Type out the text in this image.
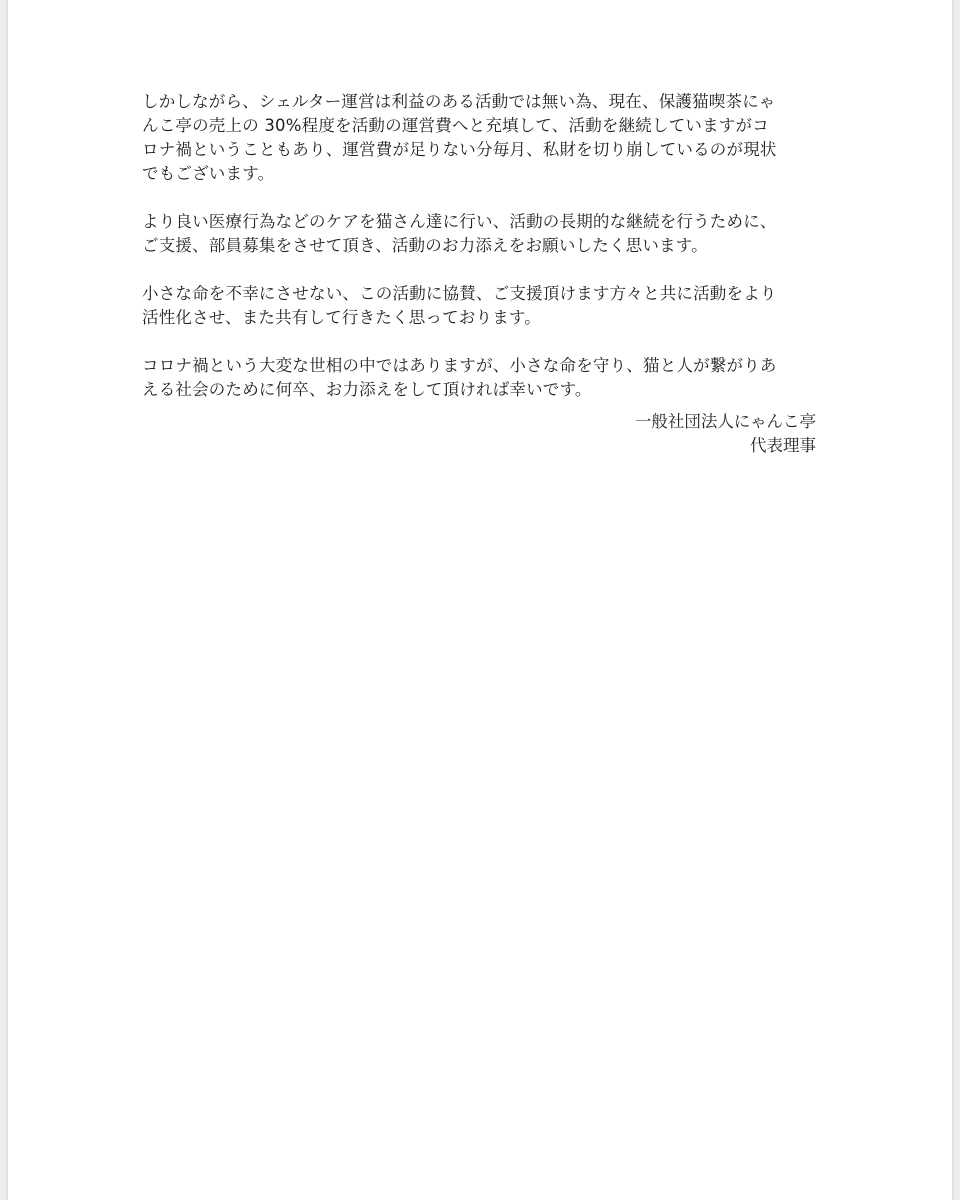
しかしながら、シェルター運営は利益のある活動では無い為、現在、保護猫喫茶にゃ
んこ亭の売上の 30%程度を活動の運営費へと充填して、活動を継続していますがコ
ロナ禍ということもあり、運営費が足りない分毎月、私財を切り崩しているのが現状
でもございます。

より良い医療行為などのケアを猫さん達に行い、活動の長期的な継続を行うために、
ご支援、部員募集をさせて頂き、活動のお力添えをお願いしたく思います。

小さな命を不幸にさせない、この活動に協賛、ご支援頂けます方々と共に活動をより
活性化させ、また共有して行きたく思っております。

コロナ禍という大変な世相の中ではありますが、小さな命を守り、猫と人が繋がりあ
える社会のために何卒、お力添えをして頂ければ幸いです。

一般社団法人にゃんこ亭
代表理事
